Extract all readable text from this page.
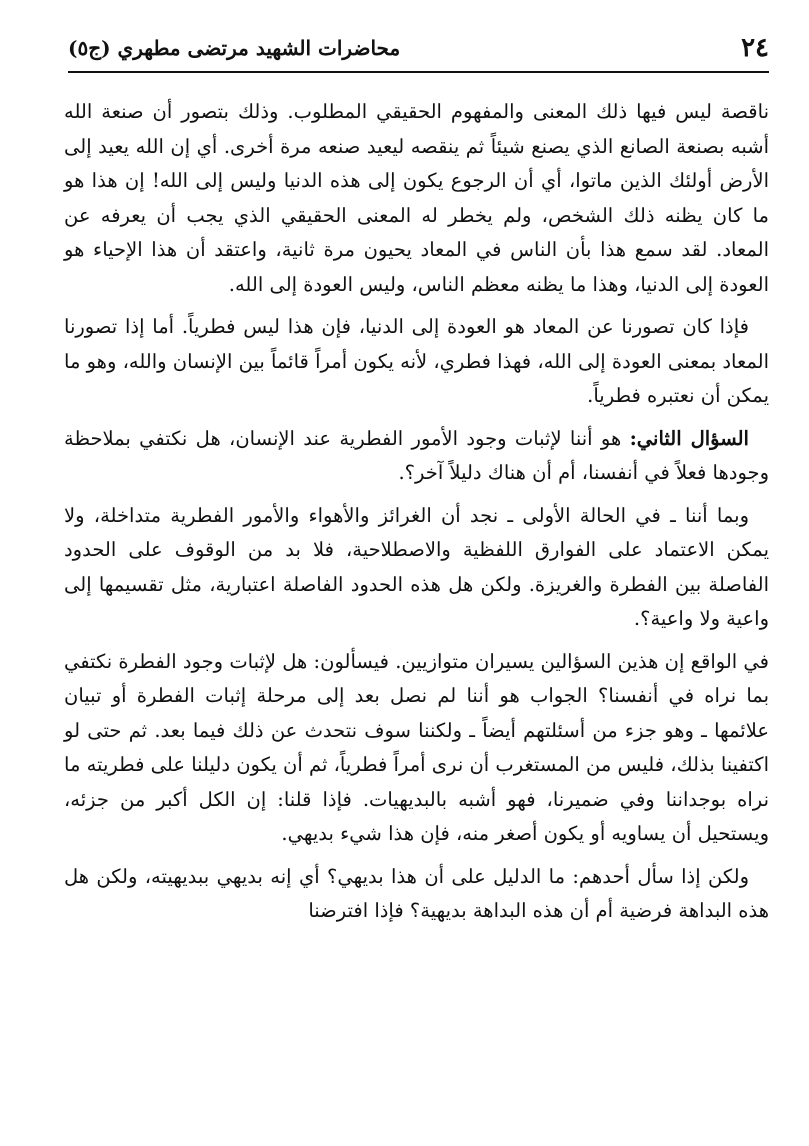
٢٤
محاضرات الشهيد مرتضى مطهري (ج٥)

ناقصة ليس فيها ذلك المعنى والمفهوم الحقيقي المطلوب. وذلك بتصور أن صنعة الله أشبه بصنعة الصانع الذي يصنع شيئاً ثم ينقصه ليعيد صنعه مرة أخرى. أي إن الله يعيد إلى الأرض أولئك الذين ماتوا، أي أن الرجوع يكون إلى هذه الدنيا وليس إلى الله! إن هذا هو ما كان يظنه ذلك الشخص، ولم يخطر له المعنى الحقيقي الذي يجب أن يعرفه عن المعاد. لقد سمع هذا بأن الناس في المعاد يحيون مرة ثانية، واعتقد أن هذا الإحياء هو العودة إلى الدنيا، وهذا ما يظنه معظم الناس، وليس العودة إلى الله.

فإذا كان تصورنا عن المعاد هو العودة إلى الدنيا، فإن هذا ليس فطرياً. أما إذا تصورنا المعاد بمعنى العودة إلى الله، فهذا فطري، لأنه يكون أمراً قائماً بين الإنسان والله، وهو ما يمكن أن نعتبره فطرياً.

السؤال الثاني: هو أننا لإثبات وجود الأمور الفطرية عند الإنسان، هل نكتفي بملاحظة وجودها فعلاً في أنفسنا، أم أن هناك دليلاً آخر؟.

وبما أننا ـ في الحالة الأولى ـ نجد أن الغرائز والأهواء والأمور الفطرية متداخلة، ولا يمكن الاعتماد على الفوارق اللفظية والاصطلاحية، فلا بد من الوقوف على الحدود الفاصلة بين الفطرة والغريزة. ولكن هل هذه الحدود الفاصلة اعتبارية، مثل تقسيمها إلى واعية ولا واعية؟.

في الواقع إن هذين السؤالين يسيران متوازيين. فيسألون: هل لإثبات وجود الفطرة نكتفي بما نراه في أنفسنا؟ الجواب هو أننا لم نصل بعد إلى مرحلة إثبات الفطرة أو تبيان علائمها ـ وهو جزء من أسئلتهم أيضاً ـ ولكننا سوف نتحدث عن ذلك فيما بعد. ثم حتى لو اكتفينا بذلك، فليس من المستغرب أن نرى أمراً فطرياً، ثم أن يكون دليلنا على فطريته ما نراه بوجداننا وفي ضميرنا، فهو أشبه بالبديهيات. فإذا قلنا: إن الكل أكبر من جزئه، ويستحيل أن يساويه أو يكون أصغر منه، فإن هذا شيء بديهي.

ولكن إذا سأل أحدهم: ما الدليل على أن هذا بديهي؟ أي إنه بديهي ببديهيته، ولكن هل هذه البداهة فرضية أم أن هذه البداهة بديهية؟ فإذا افترضنا
